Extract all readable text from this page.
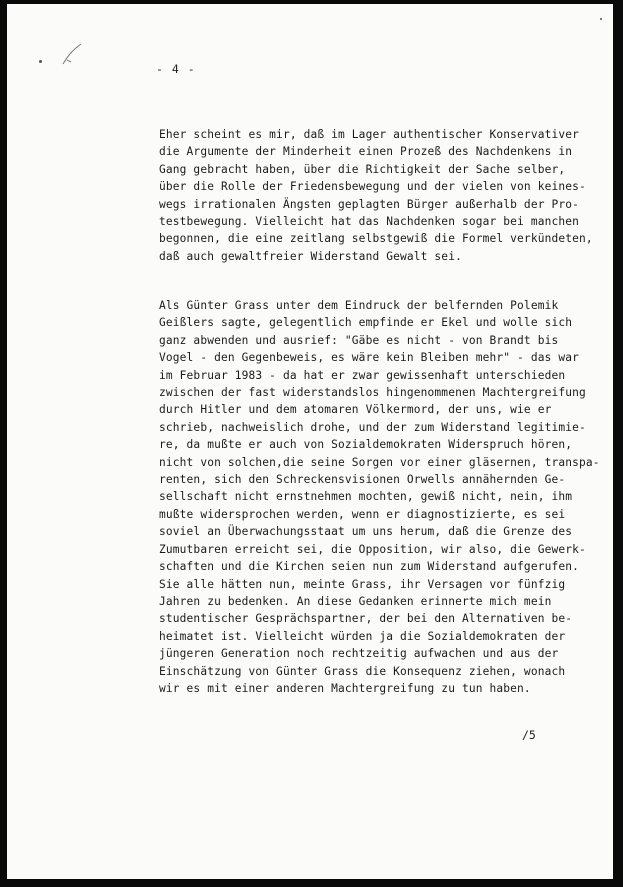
- 4 -
Eher scheint es mir, daß im Lager authentischer Konservativer
die Argumente der Minderheit einen Prozeß des Nachdenkens in
Gang gebracht haben, über die Richtigkeit der Sache selber,
über die Rolle der Friedensbewegung und der vielen von keines-
wegs irrationalen Ängsten geplagten Bürger außerhalb der Pro-
testbewegung. Vielleicht hat das Nachdenken sogar bei manchen
begonnen, die eine zeitlang selbstgewiß die Formel verkündeten,
daß auch gewaltfreier Widerstand Gewalt sei.
Als Günter Grass unter dem Eindruck der belfernden Polemik
Geißlers sagte, gelegentlich empfinde er Ekel und wolle sich
ganz abwenden und ausrief: "Gäbe es nicht - von Brandt bis
Vogel - den Gegenbeweis, es wäre kein Bleiben mehr" - das war
im Februar 1983 - da hat er zwar gewissenhaft unterschieden
zwischen der fast widerstandslos hingenommenen Machtergreifung
durch Hitler und dem atomaren Völkermord, der uns, wie er
schrieb, nachweislich drohe, und der zum Widerstand legitimie-
re, da mußte er auch von Sozialdemokraten Widerspruch hören,
nicht von solchen,die seine Sorgen vor einer gläsernen, transpa-
renten, sich den Schreckensvisionen Orwells annähernden Ge-
sellschaft nicht ernstnehmen mochten, gewiß nicht, nein, ihm
mußte widersprochen werden, wenn er diagnostizierte, es sei
soviel an Überwachungsstaat um uns herum, daß die Grenze des
Zumutbaren erreicht sei, die Opposition, wir also, die Gewerk-
schaften und die Kirchen seien nun zum Widerstand aufgerufen.
Sie alle hätten nun, meinte Grass, ihr Versagen vor fünfzig
Jahren zu bedenken. An diese Gedanken erinnerte mich mein
studentischer Gesprächspartner, der bei den Alternativen be-
heimatet ist. Vielleicht würden ja die Sozialdemokraten der
jüngeren Generation noch rechtzeitig aufwachen und aus der
Einschätzung von Günter Grass die Konsequenz ziehen, wonach
wir es mit einer anderen Machtergreifung zu tun haben.
/5
